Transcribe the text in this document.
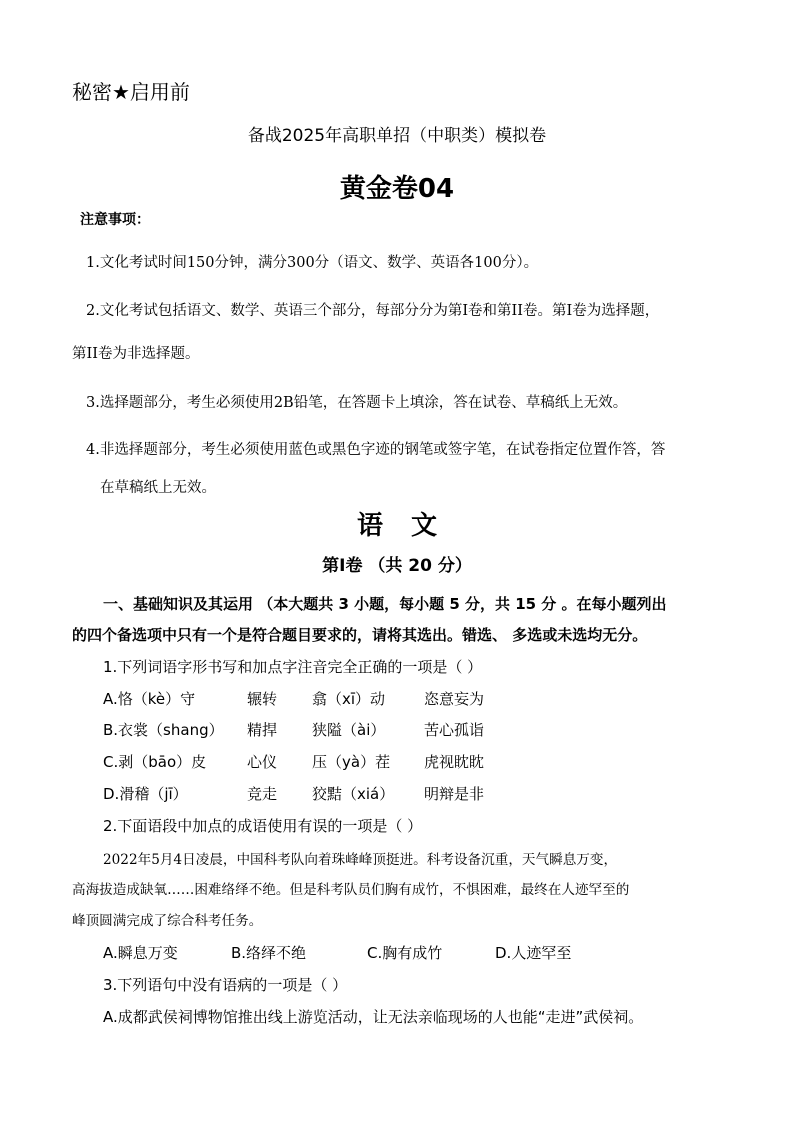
秘密★启用前
备战2025年高职单招（中职类）模拟卷
黄金卷04
注意事项：
1.文化考试时间150分钟，满分300分（语文、数学、英语各100分）。
2.文化考试包括语文、数学、英语三个部分，每部分分为第I卷和第II卷。第I卷为选择题，
第II卷为非选择题。
3.选择题部分，考生必须使用2B铅笔，在答题卡上填涂，答在试卷、草稿纸上无效。
4.非选择题部分，考生必须使用蓝色或黑色字迹的钢笔或签字笔，在试卷指定位置作答，答
在草稿纸上无效。
语文
第Ⅰ卷 （共 20 分）
一、基础知识及其运用 （本大题共 3 小题，每小题 5 分，共 15 分 。在每小题列出
的四个备选项中只有一个是符合题目要求的，请将其选出。错选、 多选或未选均无分。
1.下列词语字形书写和加点字注音完全正确的一项是（ ）
A.恪（kè）守	辗转 翕（xī）动	恣意妄为
B.衣裳（shang） 精捍 狭隘（ài）	苦心孤诣
C.剥（bāo）皮	心仪 压（yà）茬 虎视眈眈
D.滑稽（jī）	竞走 狡黠（xiá） 明辩是非
2.下面语段中加点的成语使用有误的一项是（ ）
2022年5月4日凌晨，中国科考队向着珠峰峰顶挺进。科考设备沉重，天气瞬息万变，
高海拔造成缺氧……困难络绎不绝。但是科考队员们胸有成竹，不惧困难，最终在人迹罕至的
峰顶圆满完成了综合科考任务。
A.瞬息万变	B.络绎不绝	C.胸有成竹	D.人迹罕至
3.下列语句中没有语病的一项是（ ）
A.成都武侯祠博物馆推出线上游览活动，让无法亲临现场的人也能“走进”武侯祠。
